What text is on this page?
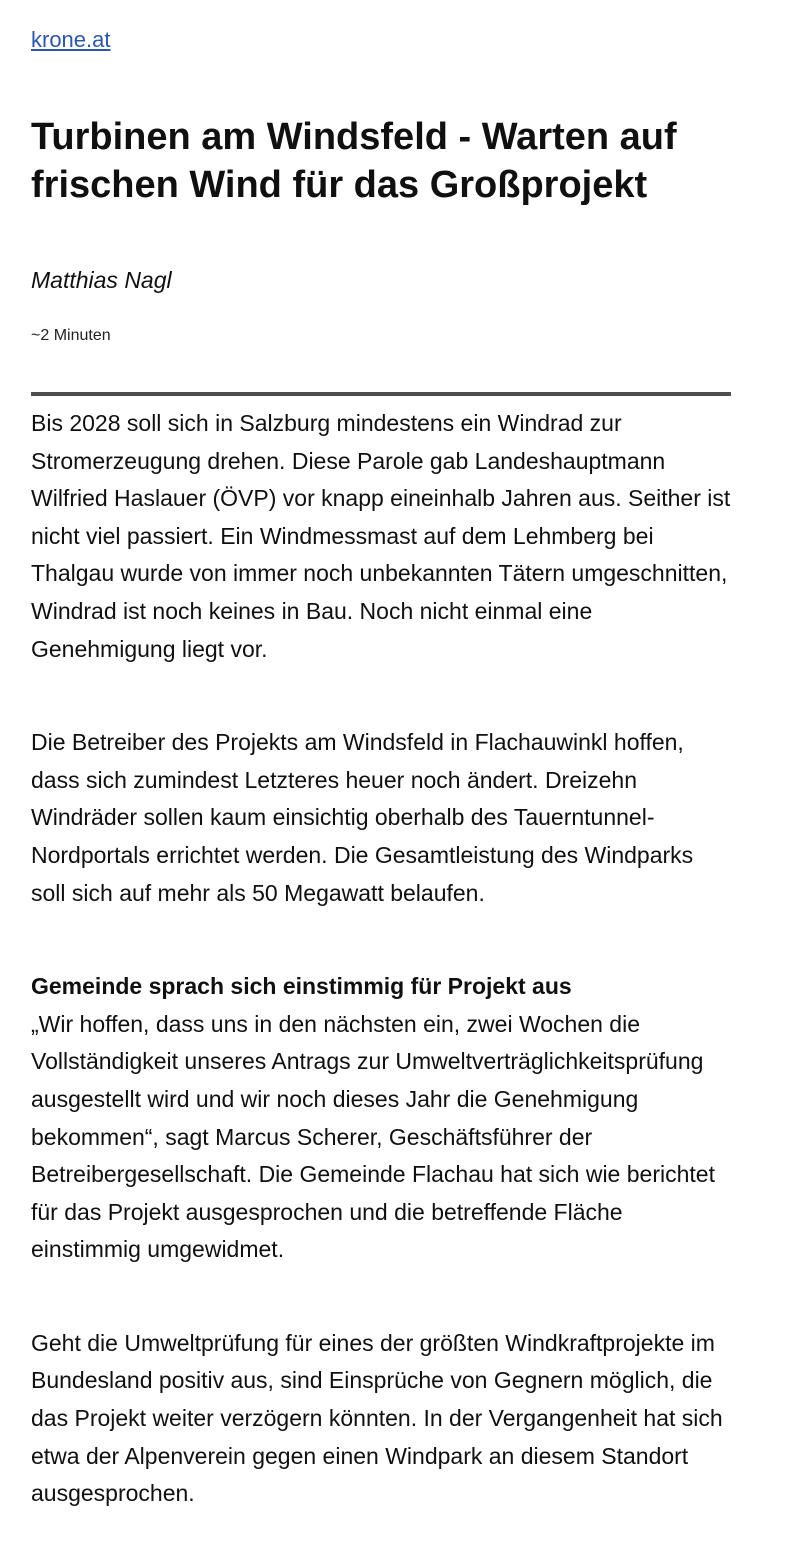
krone.at
Turbinen am Windsfeld - Warten auf frischen Wind für das Großprojekt

Matthias Nagl

~2 Minuten

Bis 2028 soll sich in Salzburg mindestens ein Windrad zur Stromerzeugung drehen. Diese Parole gab Landeshauptmann Wilfried Haslauer (ÖVP) vor knapp eineinhalb Jahren aus. Seither ist nicht viel passiert. Ein Windmessmast auf dem Lehmberg bei Thalgau wurde von immer noch unbekannten Tätern umgeschnitten, Windrad ist noch keines in Bau. Noch nicht einmal eine Genehmigung liegt vor.

Die Betreiber des Projekts am Windsfeld in Flachauwinkl hoffen, dass sich zumindest Letzteres heuer noch ändert. Dreizehn Windräder sollen kaum einsichtig oberhalb des Tauerntunnel-Nordportals errichtet werden. Die Gesamtleistung des Windparks soll sich auf mehr als 50 Megawatt belaufen.

Gemeinde sprach sich einstimmig für Projekt aus

„Wir hoffen, dass uns in den nächsten ein, zwei Wochen die Vollständigkeit unseres Antrags zur Umweltverträglichkeitsprüfung ausgestellt wird und wir noch dieses Jahr die Genehmigung bekommen“, sagt Marcus Scherer, Geschäftsführer der Betreibergesellschaft. Die Gemeinde Flachau hat sich wie berichtet für das Projekt ausgesprochen und die betreffende Fläche einstimmig umgewidmet.

Geht die Umweltprüfung für eines der größten Windkraftprojekte im Bundesland positiv aus, sind Einsprüche von Gegnern möglich, die das Projekt weiter verzögern könnten. In der Vergangenheit hat sich etwa der Alpenverein gegen einen Windpark an diesem Standort ausgesprochen.
